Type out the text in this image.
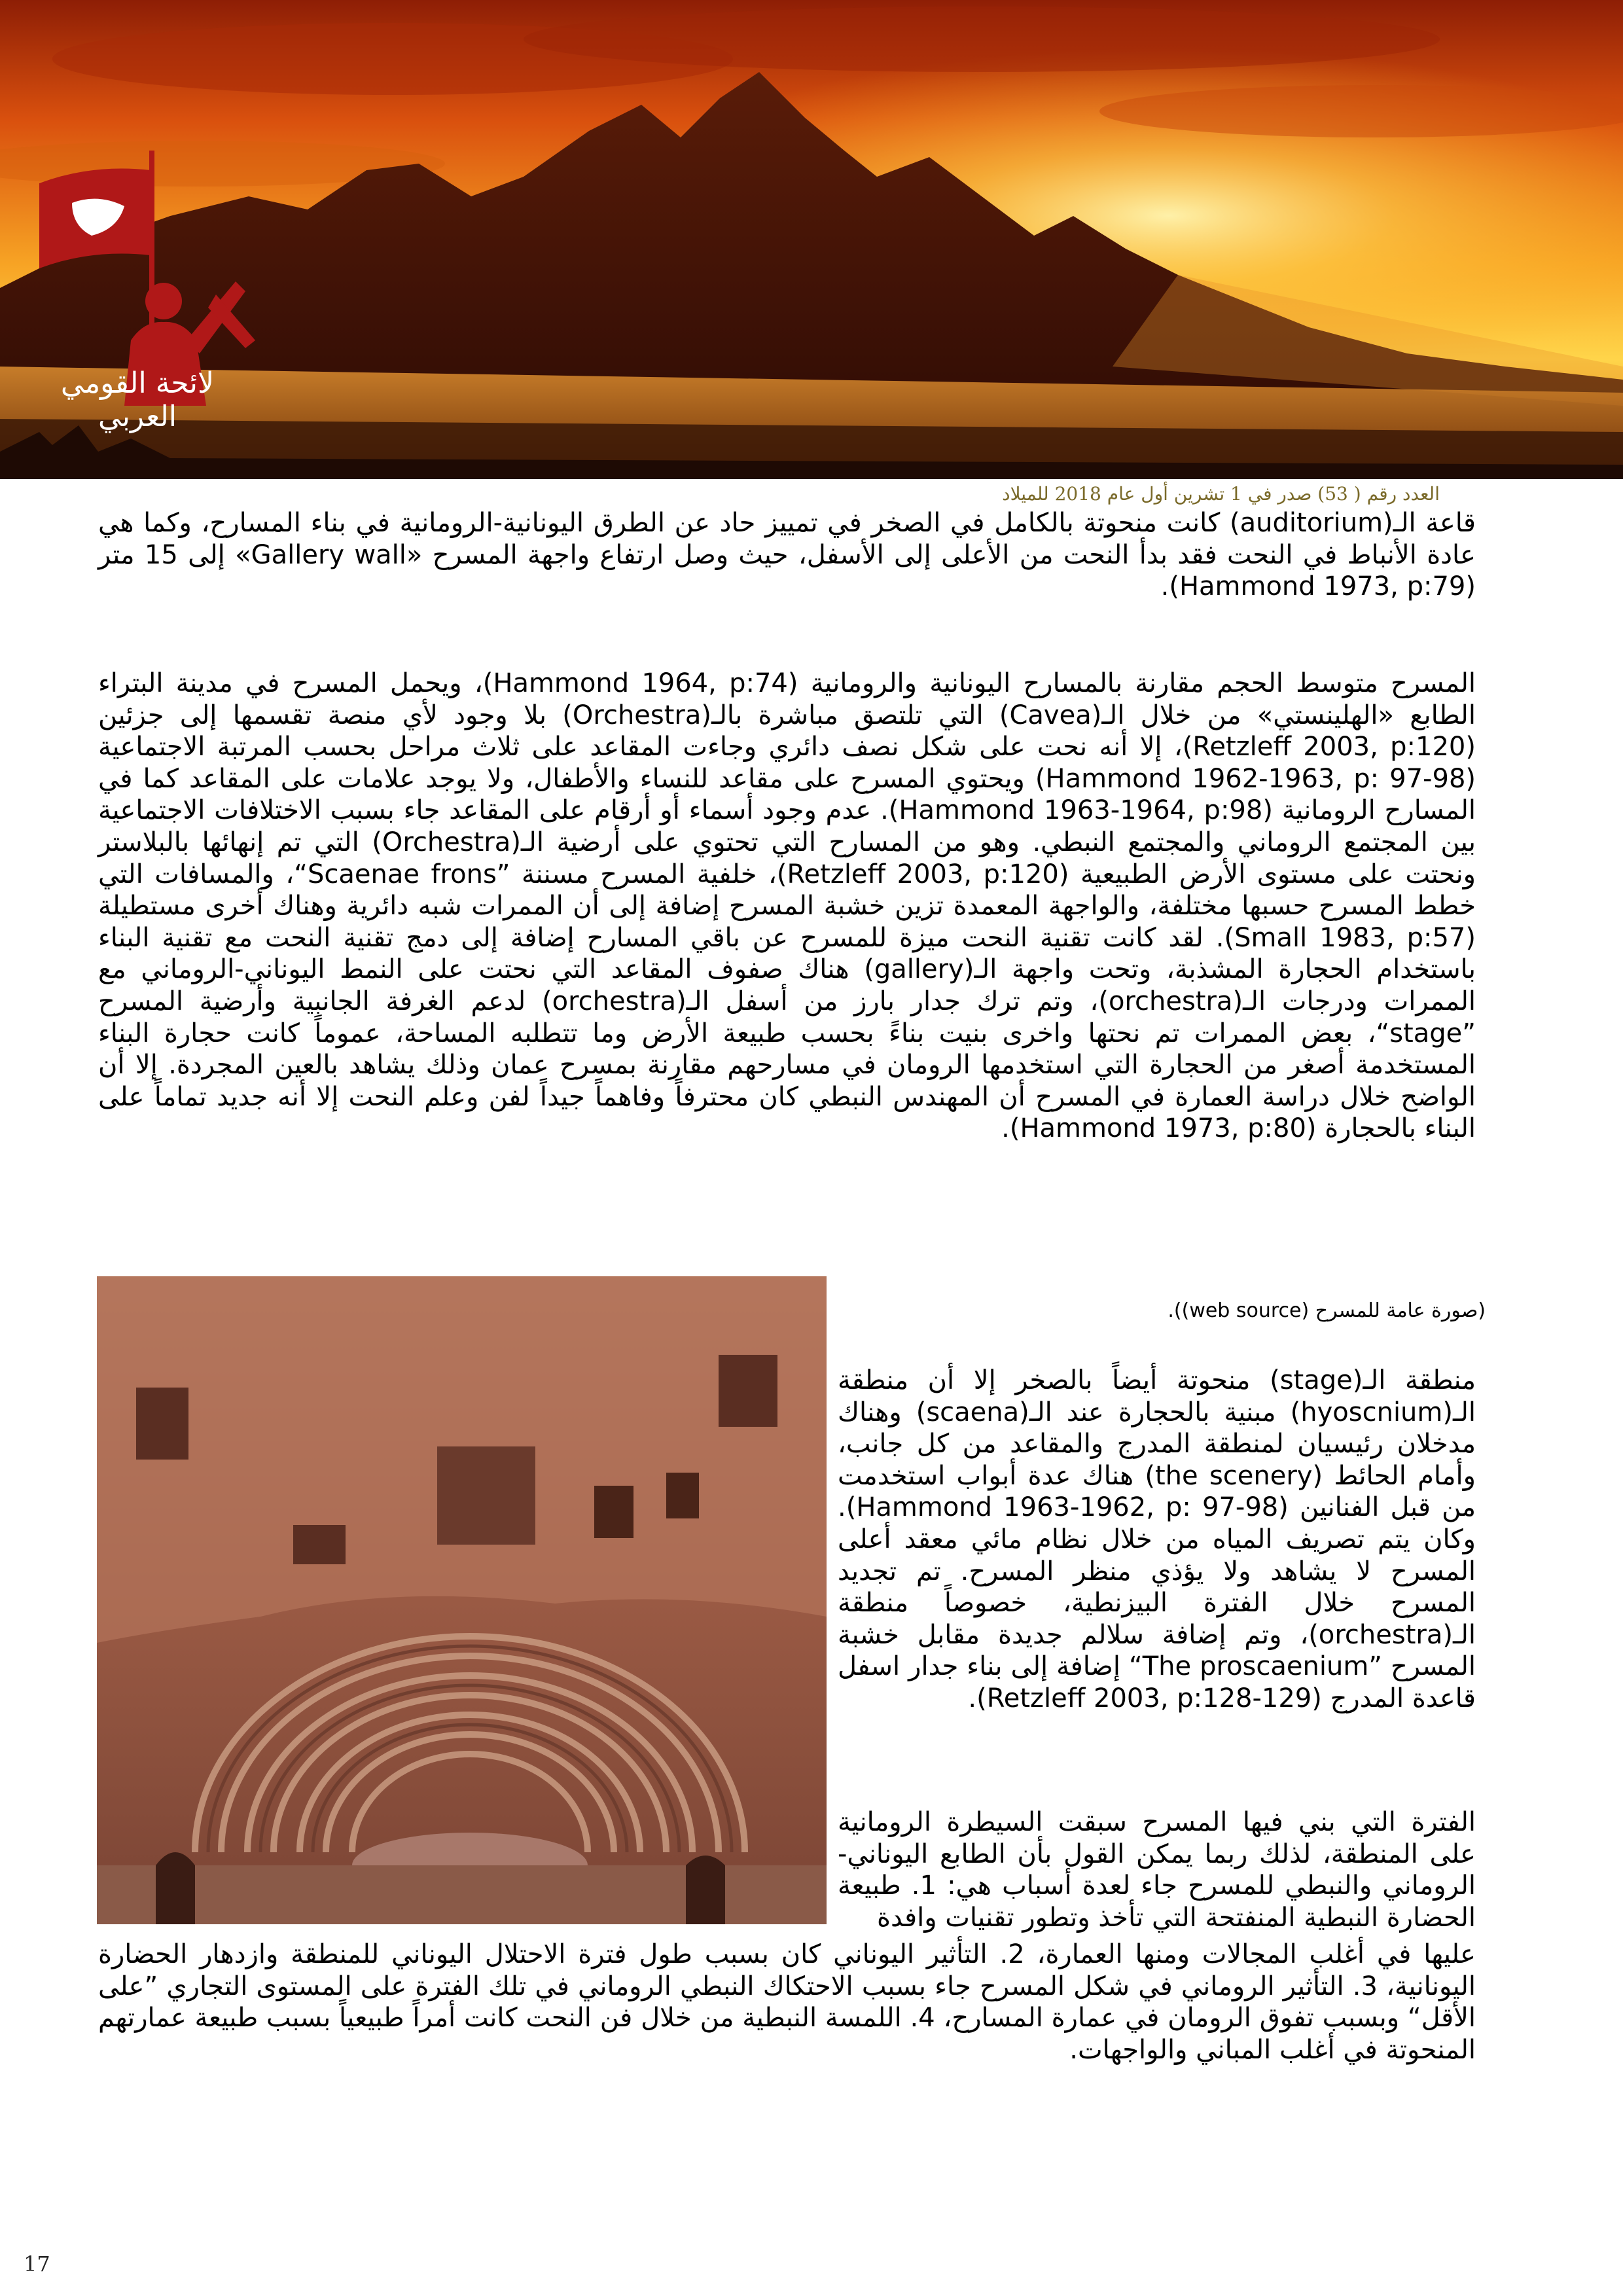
لائحة القومي العربي
العدد رقم ( 53) صدر في 1 تشرين أول عام 2018 للميلاد

قاعة الـ(auditorium) كانت منحوتة بالكامل في الصخر في تمييز حاد عن الطرق اليونانية-الرومانية في بناء المسارح، وكما هي عادة الأنباط في النحت فقد بدأ النحت من الأعلى إلى الأسفل، حيث وصل ارتفاع واجهة المسرح «Gallery wall» إلى 15 متر (Hammond 1973, p:79).

المسرح متوسط الحجم مقارنة بالمسارح اليونانية والرومانية (Hammond 1964, p:74)، ويحمل المسرح في مدينة البتراء الطابع «الهلينستي» من خلال الـ(Cavea) التي تلتصق مباشرة بالـ(Orchestra) بلا وجود لأي منصة تقسمها إلى جزئين (Retzleff 2003, p:120)، إلا أنه نحت على شكل نصف دائري وجاءت المقاعد على ثلاث مراحل بحسب المرتبة الاجتماعية (Hammond 1962-1963, p: 97-98) ويحتوي المسرح على مقاعد للنساء والأطفال، ولا يوجد علامات على المقاعد كما في المسارح الرومانية (Hammond 1963-1964, p:98). عدم وجود أسماء أو أرقام على المقاعد جاء بسبب الاختلافات الاجتماعية بين المجتمع الروماني والمجتمع النبطي. وهو من المسارح التي تحتوي على أرضية الـ(Orchestra) التي تم إنهائها بالبلاستر ونحتت على مستوى الأرض الطبيعية (Retzleff 2003, p:120)، خلفية المسرح مسننة ”Scaenae frons“، والمسافات التي خطط المسرح حسبها مختلفة، والواجهة المعمدة تزين خشبة المسرح إضافة إلى أن الممرات شبه دائرية وهناك أخرى مستطيلة (Small 1983, p:57). لقد كانت تقنية النحت ميزة للمسرح عن باقي المسارح إضافة إلى دمج تقنية النحت مع تقنية البناء باستخدام الحجارة المشذبة، وتحت واجهة الـ(gallery) هناك صفوف المقاعد التي نحتت على النمط اليوناني-الروماني مع الممرات ودرجات الـ(orchestra)، وتم ترك جدار بارز من أسفل الـ(orchestra) لدعم الغرفة الجانبية وأرضية المسرح ”stage“، بعض الممرات تم نحتها واخرى بنيت بناءً بحسب طبيعة الأرض وما تتطلبه المساحة، عموماً كانت حجارة البناء المستخدمة أصغر من الحجارة التي استخدمها الرومان في مسارحهم مقارنة بمسرح عمان وذلك يشاهد بالعين المجردة. إلا أن الواضح خلال دراسة العمارة في المسرح أن المهندس النبطي كان محترفاً وفاهماً جيداً لفن وعلم النحت إلا أنه جديد تماماً على البناء بالحجارة (Hammond 1973, p:80).

(صورة عامة للمسرح (web source)).

منطقة الـ(stage) منحوتة أيضاً بالصخر إلا أن منطقة الـ(hyoscnium) مبنية بالحجارة عند الـ(scaena) وهناك مدخلان رئيسيان لمنطقة المدرج والمقاعد من كل جانب، وأمام الحائط (the scenery) هناك عدة أبواب استخدمت من قبل الفنانين (Hammond 1963-1962, p: 97-98). وكان يتم تصريف المياه من خلال نظام مائي معقد أعلى المسرح لا يشاهد ولا يؤذي منظر المسرح. تم تجديد المسرح خلال الفترة البيزنطية، خصوصاً منطقة الـ(orchestra)، وتم إضافة سلالم جديدة مقابل خشبة المسرح ”The proscaenium“ إضافة إلى بناء جدار اسفل قاعدة المدرج (Retzleff 2003, p:128-129).

الفترة التي بني فيها المسرح سبقت السيطرة الرومانية على المنطقة، لذلك ربما يمكن القول بأن الطابع اليوناني-الروماني والنبطي للمسرح جاء لعدة أسباب هي: 1. طبيعة الحضارة النبطية المنفتحة التي تأخذ وتطور تقنيات وافدة

عليها في أغلب المجالات ومنها العمارة، 2. التأثير اليوناني كان بسبب طول فترة الاحتلال اليوناني للمنطقة وازدهار الحضارة اليونانية، 3. التأثير الروماني في شكل المسرح جاء بسبب الاحتكاك النبطي الروماني في تلك الفترة على المستوى التجاري ”على الأقل“ وبسبب تفوق الرومان في عمارة المسارح، 4. اللمسة النبطية من خلال فن النحت كانت أمراً طبيعياً بسبب طبيعة عمارتهم المنحوتة في أغلب المباني والواجهات.

17
